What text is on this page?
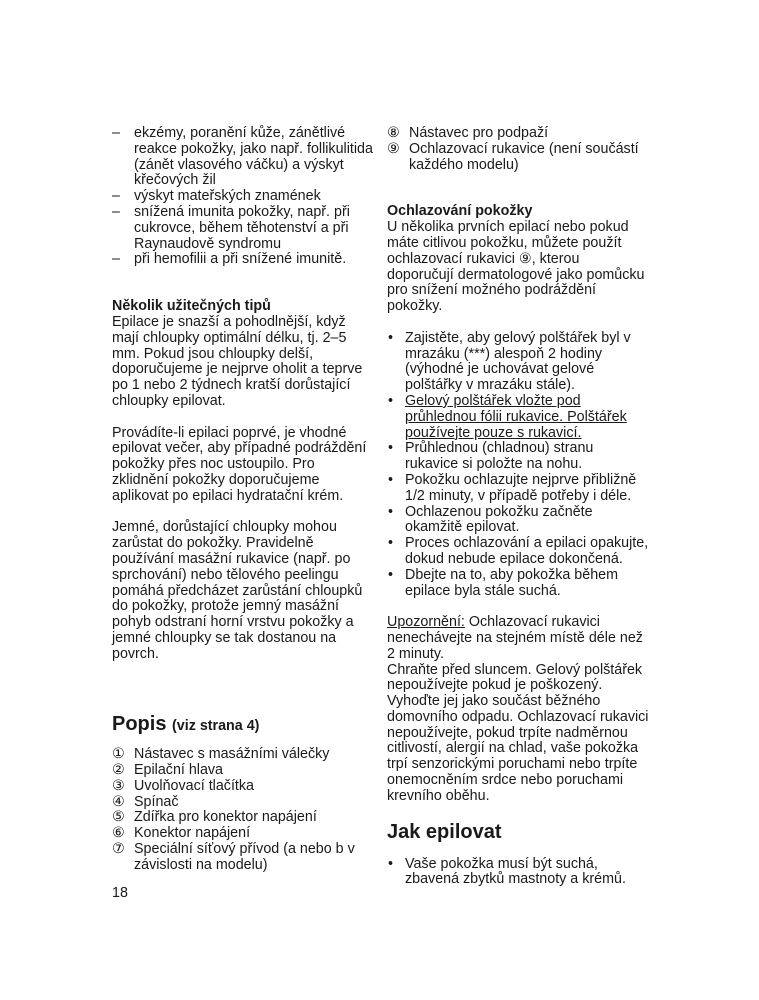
– ekzémy, poranění kůže, zánětlivé reakce pokožky, jako např. follikulitida (zánět vlasového váčku) a výskyt křečových žil
– výskyt mateřských znamének
– snížená imunita pokožky, např. při cukrovce, během těhotenství a při Raynaudově syndromu
– při hemofilii a při snížené imunitě.

Několik užitečných tipů

Epilace je snazší a pohodlnější, když mají chloupky optimální délku, tj. 2–5 mm. Pokud jsou chloupky delší, doporučujeme je nejprve oholit a teprve po 1 nebo 2 týdnech kratší dorůstající chloupky epilovat.

Provádíte-li epilaci poprvé, je vhodné epilovat večer, aby případné podráždění pokožky přes noc ustoupilo. Pro zklidnění pokožky doporučujeme aplikovat po epilaci hydratační krém.

Jemné, dorůstající chloupky mohou zarůstat do pokožky. Pravidelně používání masážní rukavice (např. po sprchování) nebo tělového peelingu pomáhá předcházet zarůstání chloupků do pokožky, protože jemný masážní pohyb odstraní horní vrstvu pokožky a jemné chloupky se tak dostanou na povrch.

Popis (viz strana 4)
① Nástavec s masážními válečky
② Epilační hlava
③ Uvolňovací tlačítka
④ Spínač
⑤ Zdířka pro konektor napájení
⑥ Konektor napájení
⑦ Speciální síťový přívod (a nebo b v závislosti na modelu)
⑧ Nástavec pro podpaží
⑨ Ochlazovací rukavice (není součástí každého modelu)

Ochlazování pokožky

U několika prvních epilací nebo pokud máte citlivou pokožku, můžete použít ochlazovací rukavici ⑨, kterou doporučují dermatologové jako pomůcku pro snížení možného podráždění pokožky.

• Zajistěte, aby gelový polštářek byl v mrazáku (***) alespoň 2 hodiny (výhodné je uchovávat gelové polštářky v mrazáku stále).
• Gelový polštářek vložte pod průhlednou fólii rukavice. Polštářek používejte pouze s rukavicí.
• Průhlednou (chladnou) stranu rukavice si položte na nohu.
• Pokožku ochlazujte nejprve přibližně 1/2 minuty, v případě potřeby i déle.
• Ochlazenou pokožku začněte okamžitě epilovat.
• Proces ochlazování a epilaci opakujte, dokud nebude epilace dokončená.
• Dbejte na to, aby pokožka během epilace byla stále suchá.

Upozornění: Ochlazovací rukavici nenechávejte na stejném místě déle než 2 minuty.

Chraňte před sluncem. Gelový polštářek nepoužívejte pokud je poškozený. Vyhoďte jej jako součást běžného domovního odpadu. Ochlazovací rukavici nepoužívejte, pokud trpíte nadměrnou citlivostí, alergií na chlad, vaše pokožka trpí senzorickými poruchami nebo trpíte onemocněním srdce nebo poruchami krevního oběhu.

Jak epilovat
• Vaše pokožka musí být suchá, zbavená zbytků mastnoty a krémů.
18
